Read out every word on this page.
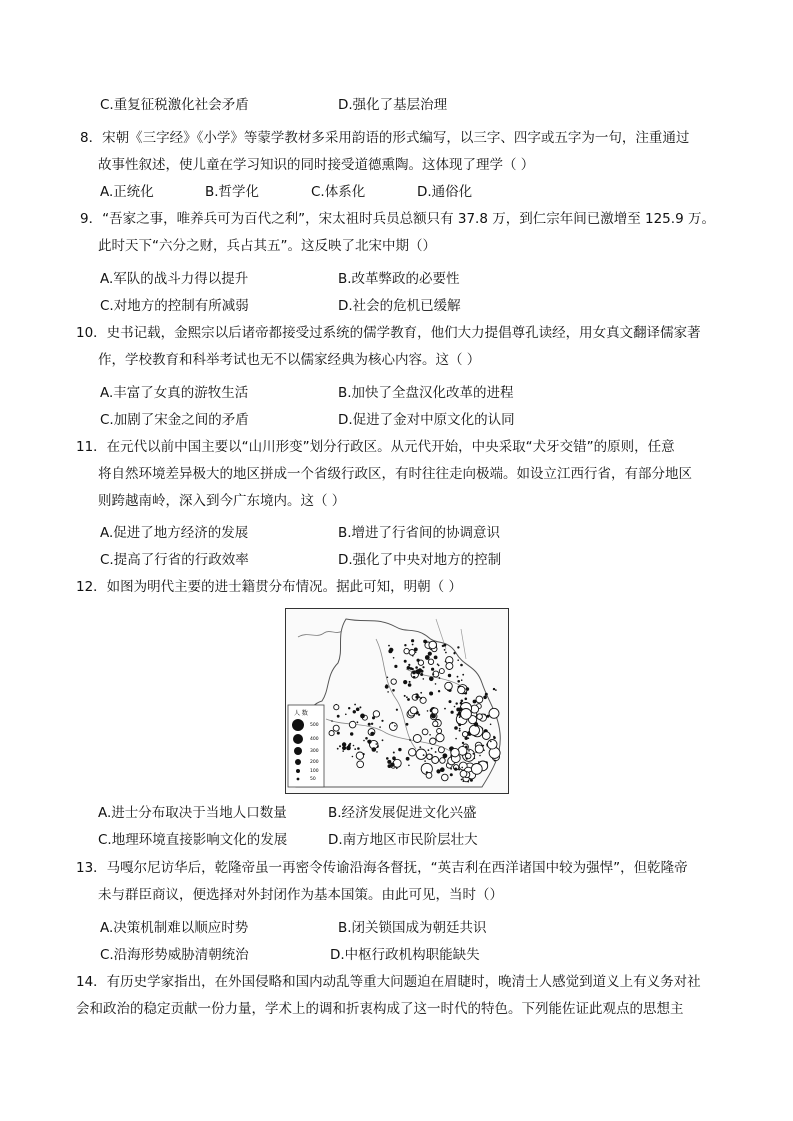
C.重复征税激化社会矛盾	D.强化了基层治理
8．宋朝《三字经》《小学》等蒙学教材多采用韵语的形式编写，以三字、四字或五字为一句，注重通过
故事性叙述，使儿童在学习知识的同时接受道德熏陶。这体现了理学（ ）
A.正统化	B.哲学化	C.体系化	D.通俗化
9．“吾家之事，唯养兵可为百代之利”，宋太祖时兵员总额只有 37.8 万，到仁宗年间已激增至 125.9 万。
此时天下“六分之财，兵占其五”。这反映了北宋中期（）
A.军队的战斗力得以提升	B.改革弊政的必要性
C.对地方的控制有所减弱	D.社会的危机已缓解
10．史书记载，金熙宗以后诸帝都接受过系统的儒学教育，他们大力提倡尊孔读经，用女真文翻译儒家著
作，学校教育和科举考试也无不以儒家经典为核心内容。这（ ）
A.丰富了女真的游牧生活	B.加快了全盘汉化改革的进程
C.加剧了宋金之间的矛盾	D.促进了金对中原文化的认同
11．在元代以前中国主要以“山川形变”划分行政区。从元代开始，中央采取“犬牙交错”的原则，任意
将自然环境差异极大的地区拼成一个省级行政区，有时往往走向极端。如设立江西行省，有部分地区
则跨越南岭，深入到今广东境内。这（ ）
A.促进了地方经济的发展	B.增进了行省间的协调意识
C.提高了行省的行政效率	D.强化了中央对地方的控制
12．如图为明代主要的进士籍贯分布情况。据此可知，明朝（ ）
人 数
500
400
300
200
100
50
A.进士分布取决于当地人口数量	B.经济发展促进文化兴盛
C.地理环境直接影响文化的发展	D.南方地区市民阶层壮大
13．马嘎尔尼访华后，乾隆帝虽一再密令传谕沿海各督抚，“英吉利在西洋诸国中较为强悍”，但乾隆帝
未与群臣商议，便选择对外封闭作为基本国策。由此可见，当时（）
A.决策机制难以顺应时势	B.闭关锁国成为朝廷共识
C.沿海形势威胁清朝统治	D.中枢行政机构职能缺失
14．有历史学家指出，在外国侵略和国内动乱等重大问题迫在眉睫时，晚清士人感觉到道义上有义务对社
会和政治的稳定贡献一份力量，学术上的调和折衷构成了这一时代的特色。下列能佐证此观点的思想主
